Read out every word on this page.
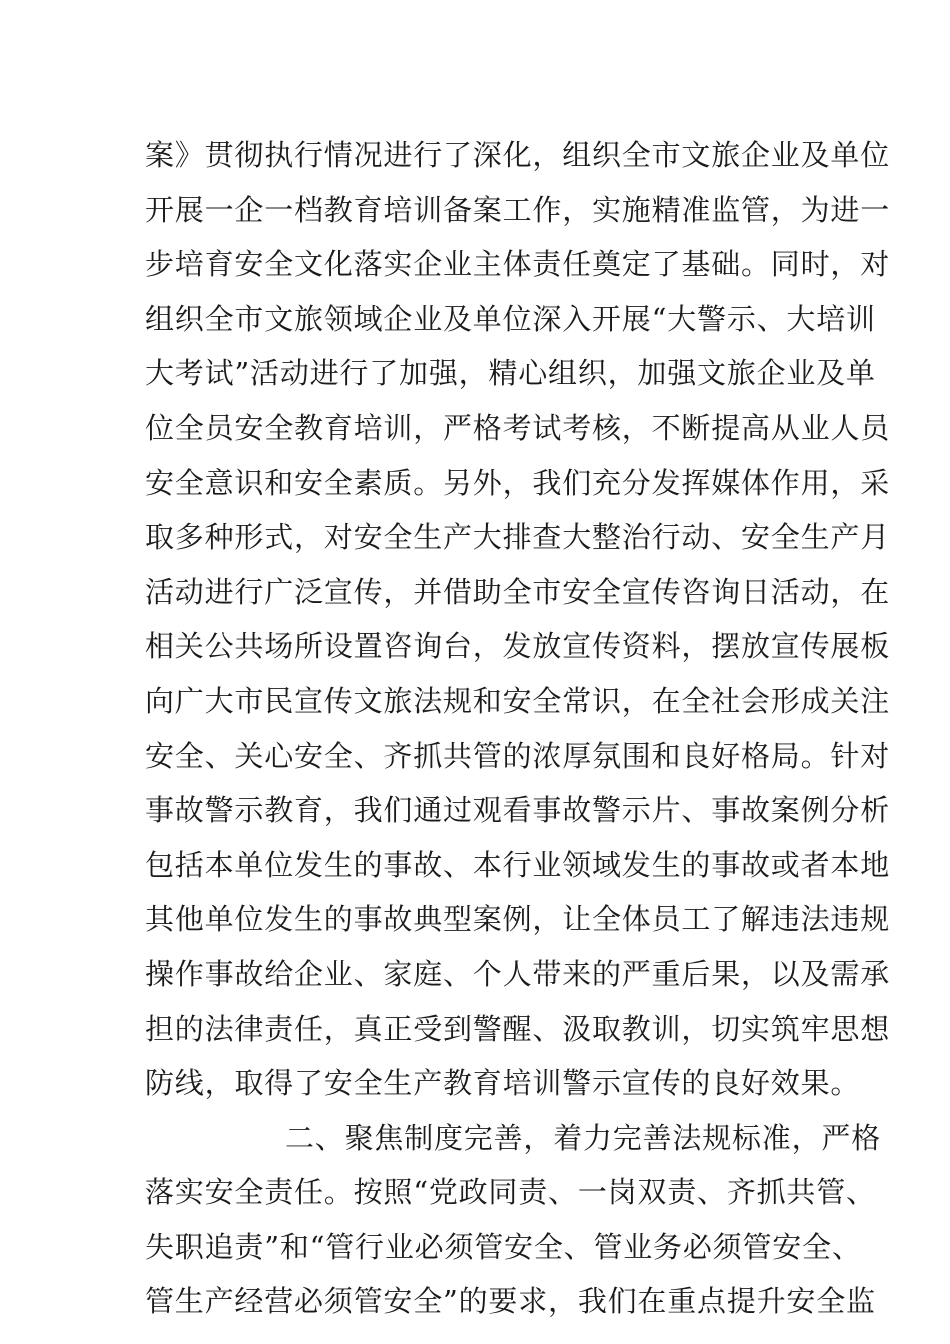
案》贯彻执行情况进行了深化，组织全市文旅企业及单位
开展一企一档教育培训备案工作，实施精准监管，为进一
步培育安全文化落实企业主体责任奠定了基础。同时，对
组织全市文旅领域企业及单位深入开展“大警示、大培训
大考试”活动进行了加强，精心组织，加强文旅企业及单
位全员安全教育培训，严格考试考核，不断提高从业人员
安全意识和安全素质。另外，我们充分发挥媒体作用，采
取多种形式，对安全生产大排查大整治行动、安全生产月
活动进行广泛宣传，并借助全市安全宣传咨询日活动，在
相关公共场所设置咨询台，发放宣传资料，摆放宣传展板
向广大市民宣传文旅法规和安全常识，在全社会形成关注
安全、关心安全、齐抓共管的浓厚氛围和良好格局。针对
事故警示教育，我们通过观看事故警示片、事故案例分析
包括本单位发生的事故、本行业领域发生的事故或者本地
其他单位发生的事故典型案例，让全体员工了解违法违规
操作事故给企业、家庭、个人带来的严重后果，以及需承
担的法律责任，真正受到警醒、汲取教训，切实筑牢思想
防线，取得了安全生产教育培训警示宣传的良好效果。
二、聚焦制度完善，着力完善法规标准，严格
落实安全责任。按照“党政同责、一岗双责、齐抓共管、
失职追责”和“管行业必须管安全、管业务必须管安全、
管生产经营必须管安全”的要求，我们在重点提升安全监
